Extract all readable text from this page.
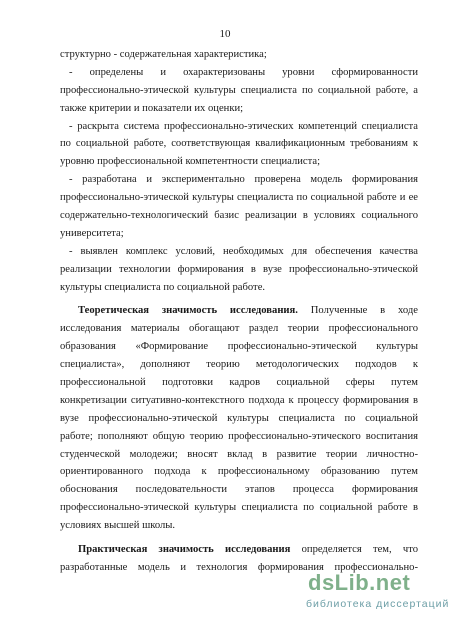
10
структурно - содержательная характеристика;
- определены и охарактеризованы уровни сформированности
профессионально-этической культуры специалиста по социальной работе, а
также критерии и показатели их оценки;
- раскрыта система профессионально-этических компетенций специалиста
по социальной работе, соответствующая квалификационным требованиям к
уровню профессиональной компетентности специалиста;
- разработана и экспериментально проверена модель формирования
профессионально-этической культуры специалиста по социальной работе и ее
содержательно-технологический базис реализации в условиях социального
университета;
- выявлен комплекс условий, необходимых для обеспечения качества
реализации технологии формирования в вузе профессионально-этической
культуры специалиста по социальной работе.
Теоретическая значимость исследования. Полученные в ходе
исследования материалы обогащают раздел теории профессионального
образования «Формирование профессионально-этической культуры
специалиста», дополняют теорию методологических подходов к
профессиональной подготовки кадров социальной сферы путем
конкретизации ситуативно-контекстного подхода к процессу формирования в
вузе профессионально-этической культуры специалиста по социальной
работе; пополняют общую теорию профессионально-этического воспитания
студенческой молодежи; вносят вклад в развитие теории личностно-
ориентированного подхода к профессиональному образованию путем
обоснования последовательности этапов процесса формирования
профессионально-этической культуры специалиста по социальной работе в
условиях высшей школы.
Практическая значимость исследования определяется тем, что
разработанные модель и технология формирования профессионально-
dsLib.net
библиотека диссертаций
